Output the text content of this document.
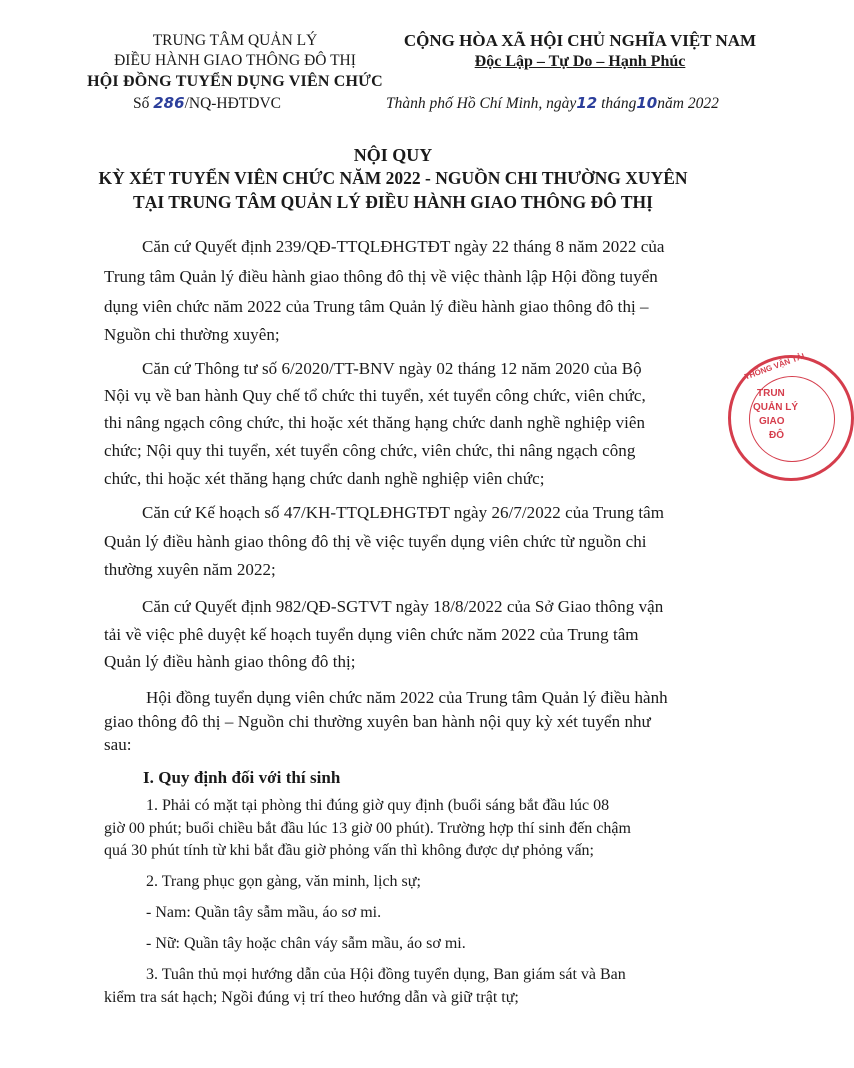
TRUNG TÂM QUẢN LÝ
ĐIỀU HÀNH GIAO THÔNG ĐÔ THỊ
HỘI ĐỒNG TUYỂN DỤNG VIÊN CHỨC
Số 286/NQ-HĐTDVC
CỘNG HÒA XÃ HỘI CHỦ NGHĨA VIỆT NAM
Độc Lập – Tự Do – Hạnh Phúc
Thành phố Hồ Chí Minh, ngày12 tháng10năm 2022
NỘI QUY
KỲ XÉT TUYỂN VIÊN CHỨC NĂM 2022 - NGUỒN CHI THƯỜNG XUYÊN
TẠI TRUNG TÂM QUẢN LÝ ĐIỀU HÀNH GIAO THÔNG ĐÔ THỊ
Căn cứ Quyết định 239/QĐ-TTQLĐHGTĐT ngày 22 tháng 8 năm 2022 của
Trung tâm Quản lý điều hành giao thông đô thị về việc thành lập Hội đồng tuyển
dụng viên chức năm 2022 của Trung tâm Quản lý điều hành giao thông đô thị –
Nguồn chi thường xuyên;
Căn cứ Thông tư số 6/2020/TT-BNV ngày 02 tháng 12 năm 2020 của Bộ
Nội vụ về ban hành Quy chế tổ chức thi tuyển, xét tuyển công chức, viên chức,
thi nâng ngạch công chức, thi hoặc xét thăng hạng chức danh nghề nghiệp viên
chức; Nội quy thi tuyển, xét tuyển công chức, viên chức, thi nâng ngạch công
chức, thi hoặc xét thăng hạng chức danh nghề nghiệp viên chức;
Căn cứ Kế hoạch số 47/KH-TTQLĐHGTĐT ngày 26/7/2022 của Trung tâm
Quản lý điều hành giao thông đô thị về việc tuyển dụng viên chức từ nguồn chi
thường xuyên năm 2022;
Căn cứ Quyết định 982/QĐ-SGTVT ngày 18/8/2022 của Sở Giao thông vận
tải về việc phê duyệt kế hoạch tuyển dụng viên chức năm 2022 của Trung tâm
Quản lý điều hành giao thông đô thị;
Hội đồng tuyển dụng viên chức năm 2022 của Trung tâm Quản lý điều hành
giao thông đô thị – Nguồn chi thường xuyên ban hành nội quy kỳ xét tuyển như
sau:
I. Quy định đối với thí sinh
1. Phải có mặt tại phòng thi đúng giờ quy định (buổi sáng bắt đầu lúc 08
giờ 00 phút; buổi chiều bắt đầu lúc 13 giờ 00 phút). Trường hợp thí sinh đến chậm
quá 30 phút tính từ khi bắt đầu giờ phỏng vấn thì không được dự phỏng vấn;
2. Trang phục gọn gàng, văn minh, lịch sự;
- Nam: Quần tây sẫm mầu, áo sơ mi.
- Nữ: Quần tây hoặc chân váy sẫm mầu, áo sơ mi.
3. Tuân thủ mọi hướng dẫn của Hội đồng tuyển dụng, Ban giám sát và Ban
kiểm tra sát hạch; Ngồi đúng vị trí theo hướng dẫn và giữ trật tự;
THÔNG VẬN TẢI
TRUN
QUẢN LÝ
GIAO
ĐÔ
